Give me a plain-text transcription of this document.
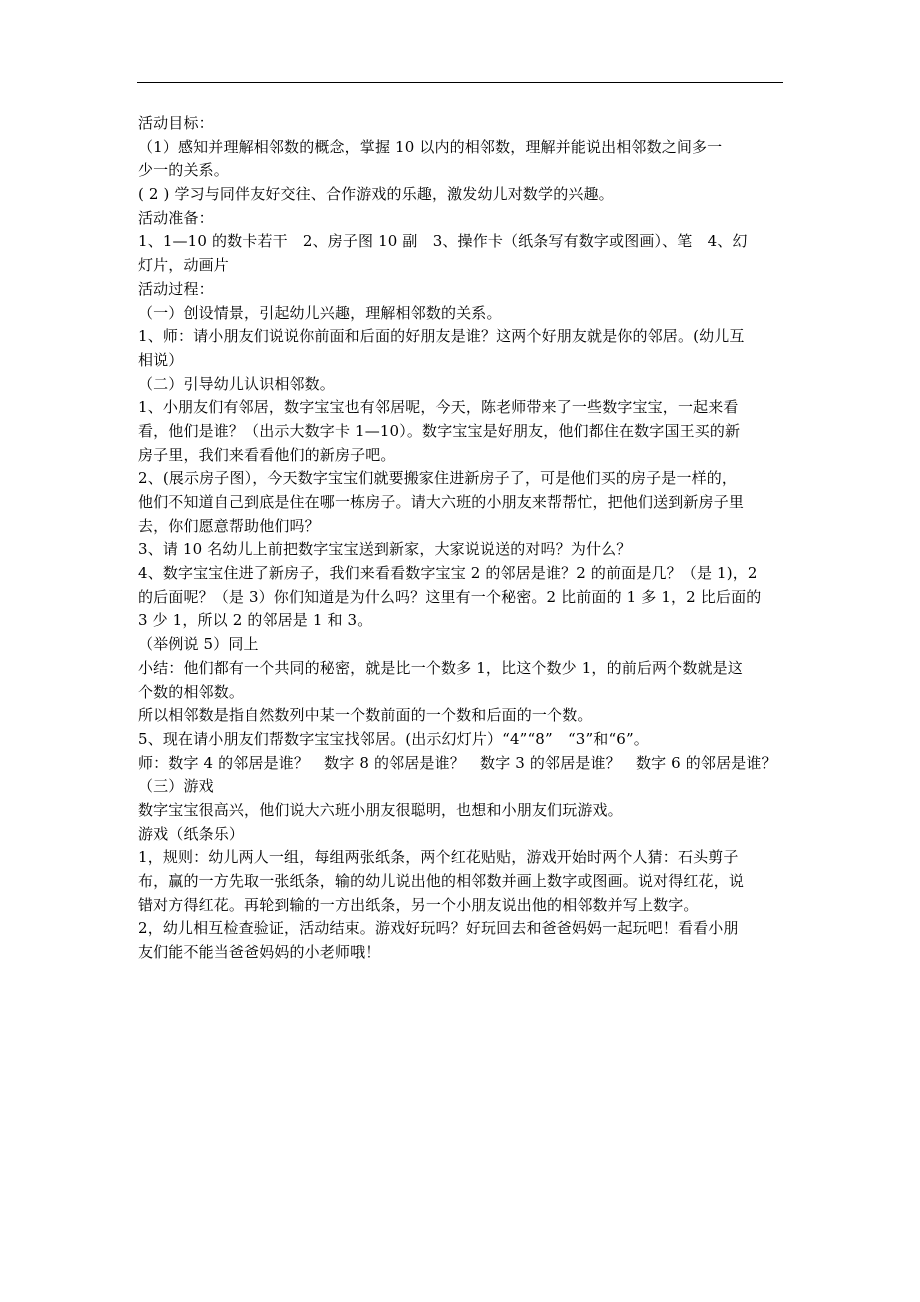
活动目标：
（1）感知并理解相邻数的概念，掌握 10 以内的相邻数，理解并能说出相邻数之间多一
少一的关系。
( 2 ) 学习与同伴友好交往、合作游戏的乐趣，激发幼儿对数学的兴趣。
活动准备：
1、1—10 的数卡若干　2、房子图 10 副　3、操作卡（纸条写有数字或图画）、笔　4、幻
灯片，动画片
活动过程：
（一）创设情景，引起幼儿兴趣，理解相邻数的关系。
1、师：请小朋友们说说你前面和后面的好朋友是谁？这两个好朋友就是你的邻居。(幼儿互
相说）
（二）引导幼儿认识相邻数。
1、小朋友们有邻居，数字宝宝也有邻居呢，今天，陈老师带来了一些数字宝宝，一起来看
看，他们是谁？（出示大数字卡 1—10）。数字宝宝是好朋友，他们都住在数字国王买的新
房子里，我们来看看他们的新房子吧。
2、(展示房子图），今天数字宝宝们就要搬家住进新房子了，可是他们买的房子是一样的，
他们不知道自己到底是住在哪一栋房子。请大六班的小朋友来帮帮忙，把他们送到新房子里
去，你们愿意帮助他们吗？
3、请 10 名幼儿上前把数字宝宝送到新家，大家说说送的对吗？为什么？
4、数字宝宝住进了新房子，我们来看看数字宝宝 2 的邻居是谁？2 的前面是几？（是 1)，2
的后面呢？（是 3）你们知道是为什么吗？这里有一个秘密。2 比前面的 1 多 1，2 比后面的
3 少 1，所以 2 的邻居是 1 和 3。
（举例说 5）同上
小结：他们都有一个共同的秘密，就是比一个数多 1，比这个数少 1，的前后两个数就是这
个数的相邻数。
所以相邻数是指自然数列中某一个数前面的一个数和后面的一个数。
5、现在请小朋友们帮数字宝宝找邻居。(出示幻灯片）“4”“8”　“3”和“6”。
师：数字 4 的邻居是谁？　数字 8 的邻居是谁？　数字 3 的邻居是谁？　数字 6 的邻居是谁？
（三）游戏
数字宝宝很高兴，他们说大六班小朋友很聪明，也想和小朋友们玩游戏。
游戏（纸条乐）
1，规则：幼儿两人一组，每组两张纸条，两个红花贴贴，游戏开始时两个人猜：石头剪子
布，赢的一方先取一张纸条，输的幼儿说出他的相邻数并画上数字或图画。说对得红花，说
错对方得红花。再轮到输的一方出纸条，另一个小朋友说出他的相邻数并写上数字。
2，幼儿相互检查验证，活动结束。游戏好玩吗？好玩回去和爸爸妈妈一起玩吧！看看小朋
友们能不能当爸爸妈妈的小老师哦！
